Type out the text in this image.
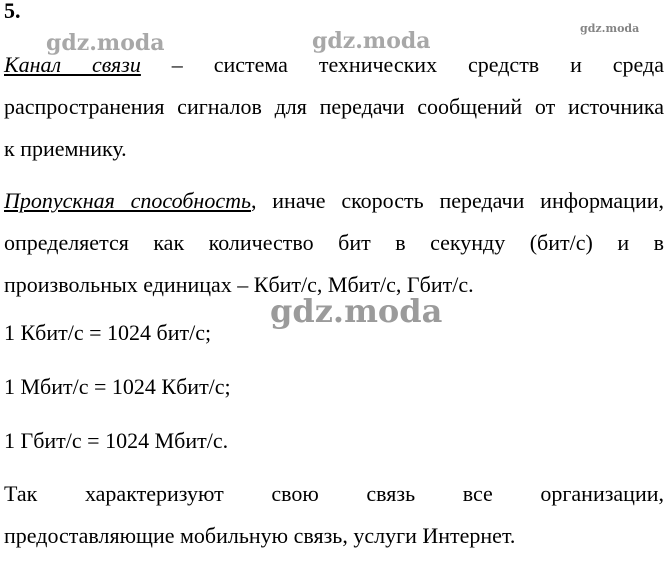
5.
gdz.moda	gdz.moda	gdz.moda
gdz.moda
Канал связи – система технических средств и среда
распространения сигналов для передачи сообщений от источника
к приемнику.
Пропускная способность, иначе скорость передачи информации,
определяется как количество бит в секунду (бит/с) и в
произвольных единицах – Кбит/с, Мбит/с, Гбит/с.
1 Кбит/с = 1024 бит/с;
1 Мбит/с = 1024 Кбит/с;
1 Гбит/с = 1024 Мбит/с.
Так характеризуют свою связь все организации,
предоставляющие мобильную связь, услуги Интернет.
